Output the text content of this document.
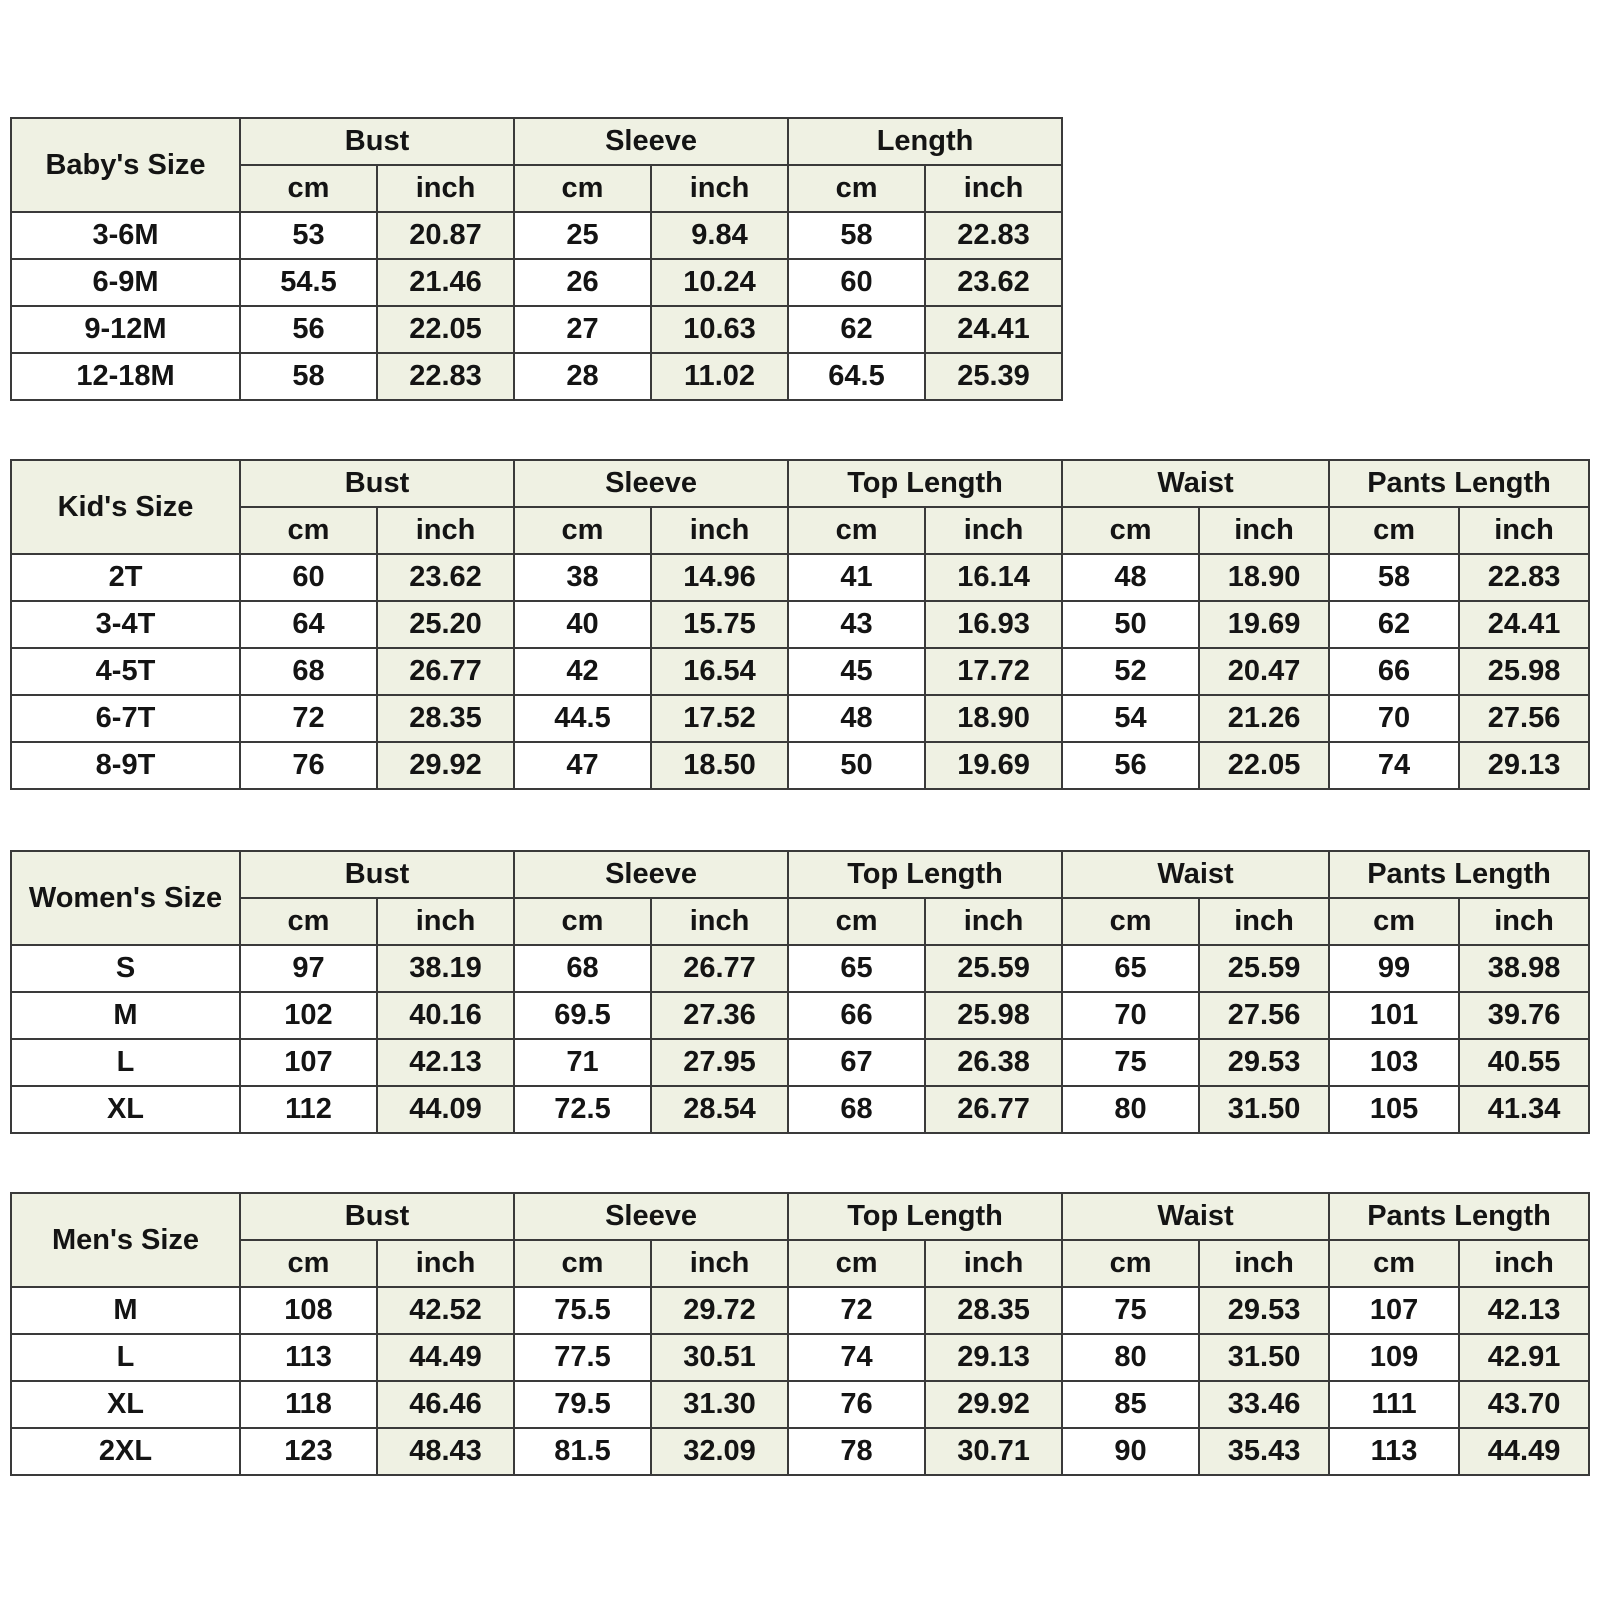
Baby's Size	Bust		Sleeve		Length	
	cm	inch	cm	inch	cm	inch
3-6M	53	20.87	25	9.84	58	22.83
6-9M	54.5	21.46	26	10.24	60	23.62
9-12M	56	22.05	27	10.63	62	24.41
12-18M	58	22.83	28	11.02	64.5	25.39
Kid's Size	Bust		Sleeve		Top Length		Waist		Pants Length	
	cm	inch	cm	inch	cm	inch	cm	inch	cm	inch
2T	60	23.62	38	14.96	41	16.14	48	18.90	58	22.83
3-4T	64	25.20	40	15.75	43	16.93	50	19.69	62	24.41
4-5T	68	26.77	42	16.54	45	17.72	52	20.47	66	25.98
6-7T	72	28.35	44.5	17.52	48	18.90	54	21.26	70	27.56
8-9T	76	29.92	47	18.50	50	19.69	56	22.05	74	29.13
Women's Size	Bust		Sleeve		Top Length		Waist		Pants Length	
	cm	inch	cm	inch	cm	inch	cm	inch	cm	inch
S	97	38.19	68	26.77	65	25.59	65	25.59	99	38.98
M	102	40.16	69.5	27.36	66	25.98	70	27.56	101	39.76
L	107	42.13	71	27.95	67	26.38	75	29.53	103	40.55
XL	112	44.09	72.5	28.54	68	26.77	80	31.50	105	41.34
Men's Size	Bust		Sleeve		Top Length		Waist		Pants Length	
	cm	inch	cm	inch	cm	inch	cm	inch	cm	inch
M	108	42.52	75.5	29.72	72	28.35	75	29.53	107	42.13
L	113	44.49	77.5	30.51	74	29.13	80	31.50	109	42.91
XL	118	46.46	79.5	31.30	76	29.92	85	33.46	111	43.70
2XL	123	48.43	81.5	32.09	78	30.71	90	35.43	113	44.49
